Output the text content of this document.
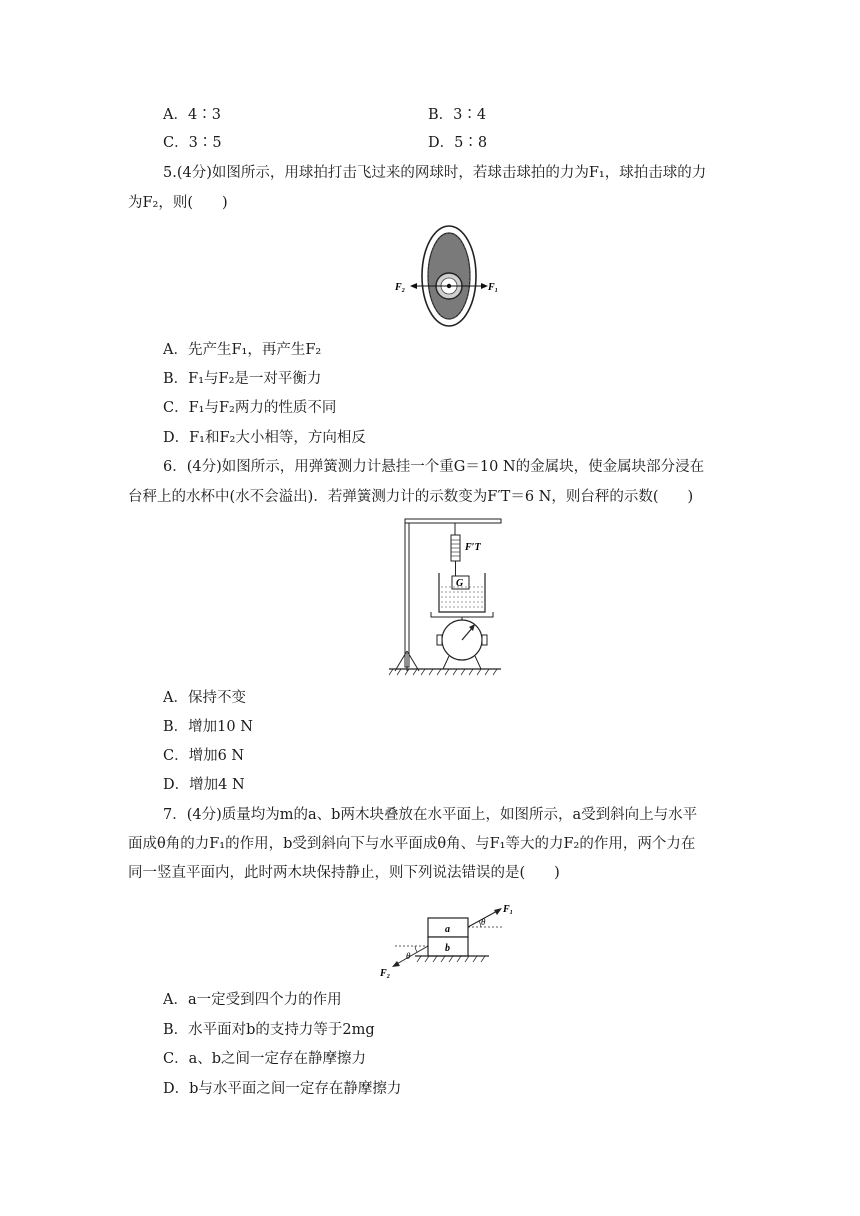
A．4∶3	B．3∶4
C．3∶5	D．5∶8
5.(4分)如图所示，用球拍打击飞过来的网球时，若球击球拍的力为F₁，球拍击球的力
为F₂，则(　　)
F₂	F₁
A．先产生F₁，再产生F₂
B．F₁与F₂是一对平衡力
C．F₁与F₂两力的性质不同
D．F₁和F₂大小相等，方向相反
6．(4分)如图所示，用弹簧测力计悬挂一个重G＝10 N的金属块，使金属块部分浸在
台秤上的水杯中(水不会溢出)．若弹簧测力计的示数变为F′T＝6 N，则台秤的示数(　　)
F′T
G
A．保持不变
B．增加10 N
C．增加6 N
D．增加4 N
7．(4分)质量均为m的a、b两木块叠放在水平面上，如图所示，a受到斜向上与水平
面成θ角的力F₁的作用，b受到斜向下与水平面成θ角、与F₁等大的力F₂的作用，两个力在
同一竖直平面内，此时两木块保持静止，则下列说法错误的是(　　)
a
b
θ
F₁
θ
F₂
A．a一定受到四个力的作用
B．水平面对b的支持力等于2mg
C．a、b之间一定存在静摩擦力
D．b与水平面之间一定存在静摩擦力
